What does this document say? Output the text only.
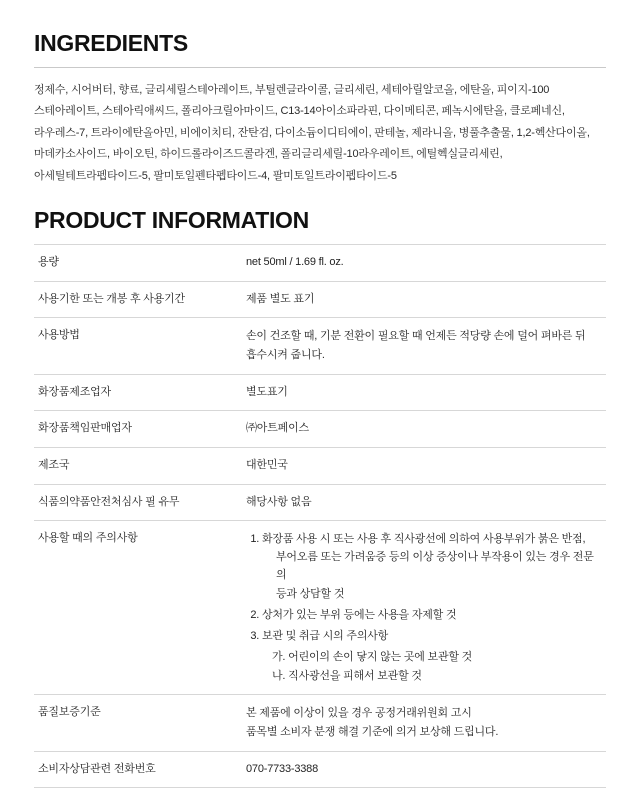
INGREDIENTS
정제수, 시어버터, 향료, 글리세릴스테아레이트, 부틸렌글라이콜, 글리세린, 세테아릴알코올, 에탄올, 피이지-100 스테아레이트, 스테아릭애씨드, 폴리아크릴아마이드, C13-14아이소파라핀, 다이메티콘, 페녹시에탄올, 클로페네신, 라우레스-7, 트라이에탄올아민, 비에이치티, 잔탄검, 다이소듐이디티에이, 판테놀, 제라니올, 병풀추출물, 1,2-헥산다이올, 마데카소사이드, 바이오틴, 하이드롤라이즈드콜라겐, 폴리글리세릴-10라우레이트, 에틸헥실글리세린, 아세틸테트라펩타이드-5, 팔미토일펜타펩타이드-4, 팔미토일트라이펩타이드-5
PRODUCT INFORMATION
용량	net 50ml / 1.69 fl. oz.
사용기한 또는 개봉 후 사용기간	제품 별도 표기
사용방법	손이 건조할 때, 기분 전환이 필요할 때 언제든 적당량 손에 덜어 펴바른 뒤
흡수시켜 줍니다.

화장품제조업자	별도표기
화장품책임판매업자	㈜아트페이스
제조국	대한민국
식품의약품안전처심사 필 유무	해당사항 없음
사용할 때의 주의사항	
1.화장품 사용 시 또는 사용 후 직사광선에 의하여 사용부위가 붉은 반점,
부어오름 또는 가려움증 등의 이상 증상이나 부작용이 있는 경우 전문의
등과 상담할 것
2. 상처가 있는 부위 등에는 사용을 자제할 것
3. 보관 및 취급 시의 주의사항
가. 어린이의 손이 닿지 않는 곳에 보관할 것
나. 직사광선을 피해서 보관할 것

품질보증기준	본 제품에 이상이 있을 경우 공정거래위원회 고시
품목별 소비자 분쟁 해결 기준에 의거 보상해 드립니다.

소비자상담관련 전화번호	070-7733-3388
